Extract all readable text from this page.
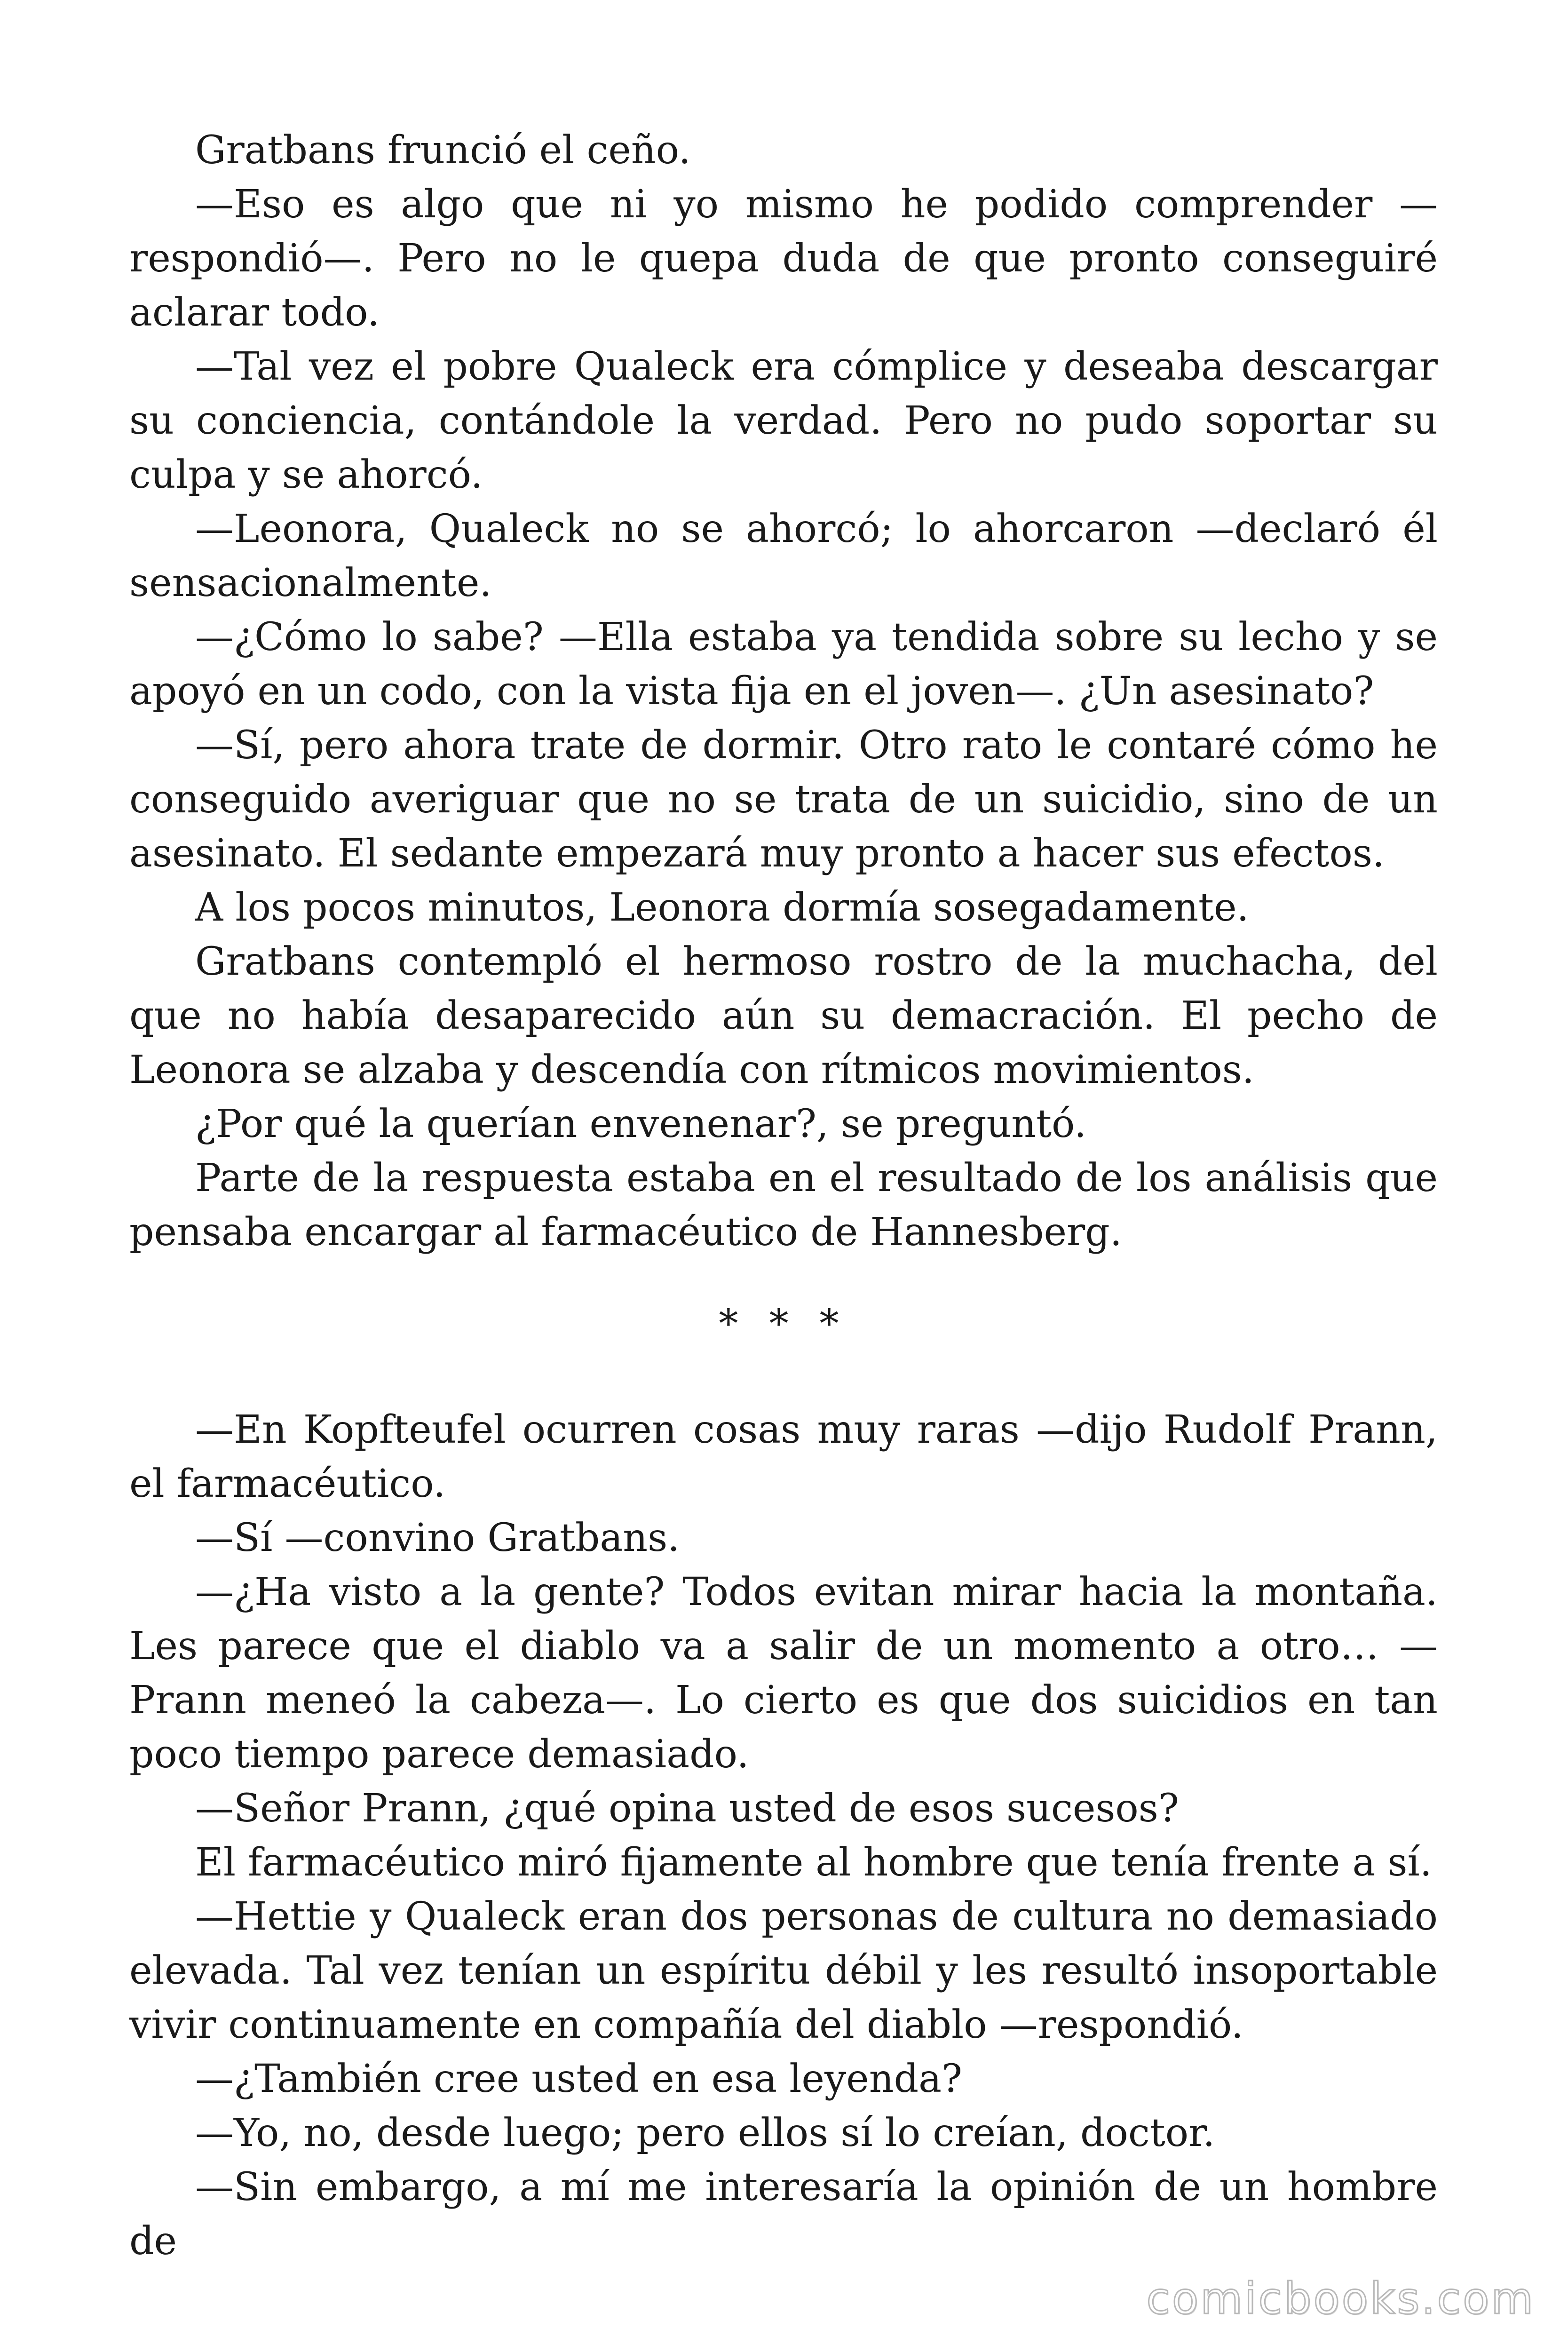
Gratbans frunció el ceño.

—Eso es algo que ni yo mismo he podido comprender —respondió—. Pero no le quepa duda de que pronto conseguiré aclarar todo.

—Tal vez el pobre Qualeck era cómplice y deseaba descargar su conciencia, contándole la verdad. Pero no pudo soportar su culpa y se ahorcó.

—Leonora, Qualeck no se ahorcó; lo ahorcaron —declaró él sensacionalmente.

—¿Cómo lo sabe? —Ella estaba ya tendida sobre su lecho y se apoyó en un codo, con la vista fija en el joven—. ¿Un asesinato?

—Sí, pero ahora trate de dormir. Otro rato le contaré cómo he conseguido averiguar que no se trata de un suicidio, sino de un asesinato. El sedante empezará muy pronto a hacer sus efectos.

A los pocos minutos, Leonora dormía sosegadamente.

Gratbans contempló el hermoso rostro de la muchacha, del que no había desaparecido aún su demacración. El pecho de Leonora se alzaba y descendía con rítmicos movimientos.

¿Por qué la querían envenenar?, se preguntó.

Parte de la respuesta estaba en el resultado de los análisis que pensaba encargar al farmacéutico de Hannesberg.

* * *

—En Kopfteufel ocurren cosas muy raras —dijo Rudolf Prann, el farmacéutico.

—Sí —convino Gratbans.

—¿Ha visto a la gente? Todos evitan mirar hacia la montaña. Les parece que el diablo va a salir de un momento a otro… —Prann meneó la cabeza—. Lo cierto es que dos suicidios en tan poco tiempo parece demasiado.

—Señor Prann, ¿qué opina usted de esos sucesos?

El farmacéutico miró fijamente al hombre que tenía frente a sí.

—Hettie y Qualeck eran dos personas de cultura no demasiado elevada. Tal vez tenían un espíritu débil y les resultó insoportable vivir continuamente en compañía del diablo —respondió.

—¿También cree usted en esa leyenda?

—Yo, no, desde luego; pero ellos sí lo creían, doctor.

—Sin embargo, a mí me interesaría la opinión de un hombre de

comicbooks.com
